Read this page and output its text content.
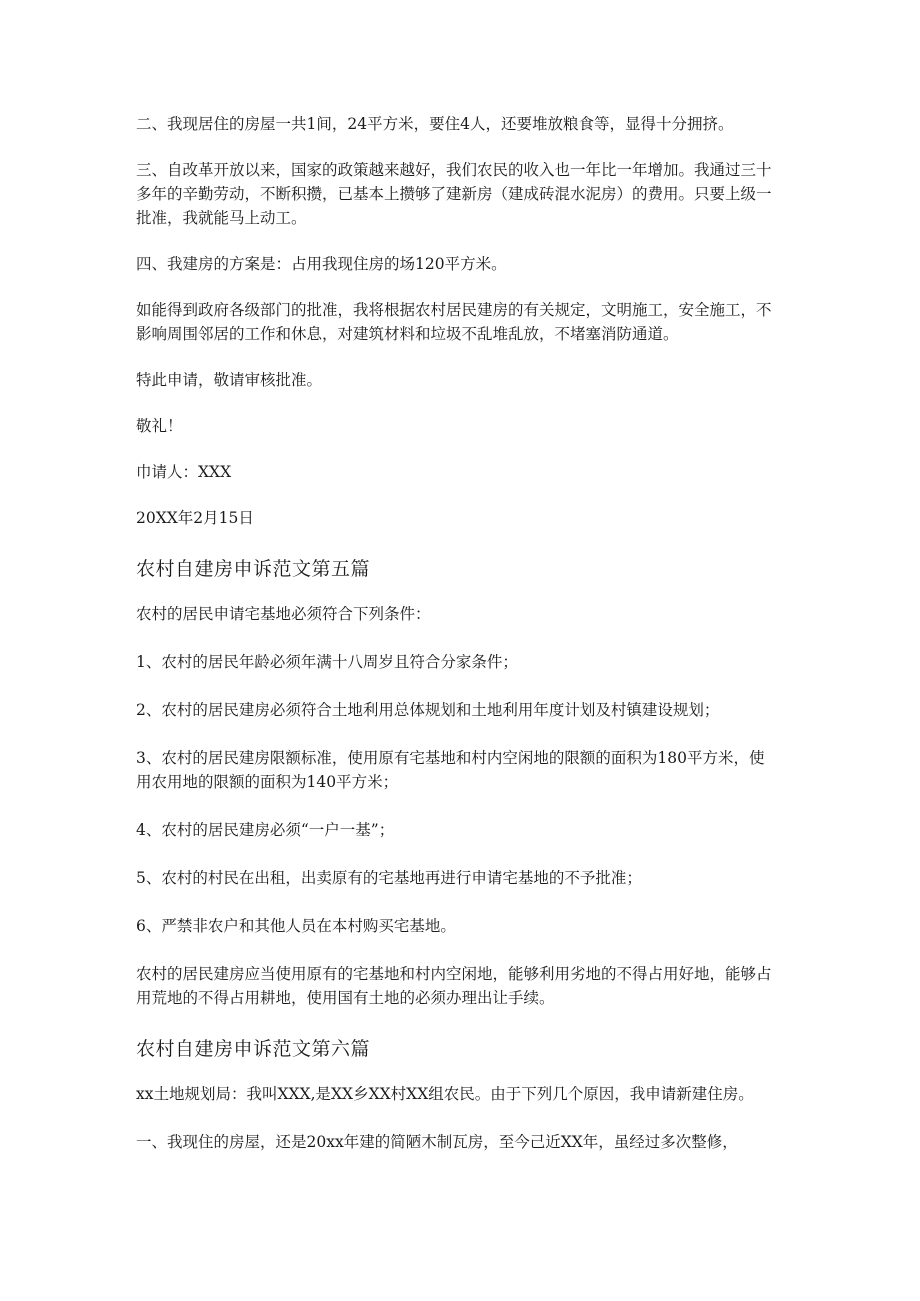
二、我现居住的房屋一共1间，24平方米，要住4人，还要堆放粮食等，显得十分拥挤。

三、自改革开放以来，国家的政策越来越好，我们农民的收入也一年比一年增加。我通过三十多年的辛勤劳动，不断积攒，已基本上攒够了建新房（建成砖混水泥房）的费用。只要上级一批准，我就能马上动工。

四、我建房的方案是：占用我现住房的场120平方米。

如能得到政府各级部门的批准，我将根据农村居民建房的有关规定，文明施工，安全施工，不影响周围邻居的工作和休息，对建筑材料和垃圾不乱堆乱放，不堵塞消防通道。

特此申请，敬请审核批准。

敬礼！

巾请人：XXX

20XX年2月15日

农村自建房申诉范文第五篇

农村的居民申请宅基地必须符合下列条件：

1、农村的居民年龄必须年满十八周岁且符合分家条件；

2、农村的居民建房必须符合土地利用总体规划和土地利用年度计划及村镇建设规划；

3、农村的居民建房限额标准，使用原有宅基地和村内空闲地的限额的面积为180平方米，使用农用地的限额的面积为140平方米；

4、农村的居民建房必须“一户一基”；

5、农村的村民在出租，出卖原有的宅基地再进行申请宅基地的不予批准；

6、严禁非农户和其他人员在本村购买宅基地。

农村的居民建房应当使用原有的宅基地和村内空闲地，能够利用劣地的不得占用好地，能够占用荒地的不得占用耕地，使用国有土地的必须办理出让手续。

农村自建房申诉范文第六篇

xx土地规划局：我叫XXX,是XX乡XX村XX组农民。由于下列几个原因，我申请新建住房。

一、我现住的房屋，还是20xx年建的简陋木制瓦房，至今己近XX年，虽经过多次整修，
